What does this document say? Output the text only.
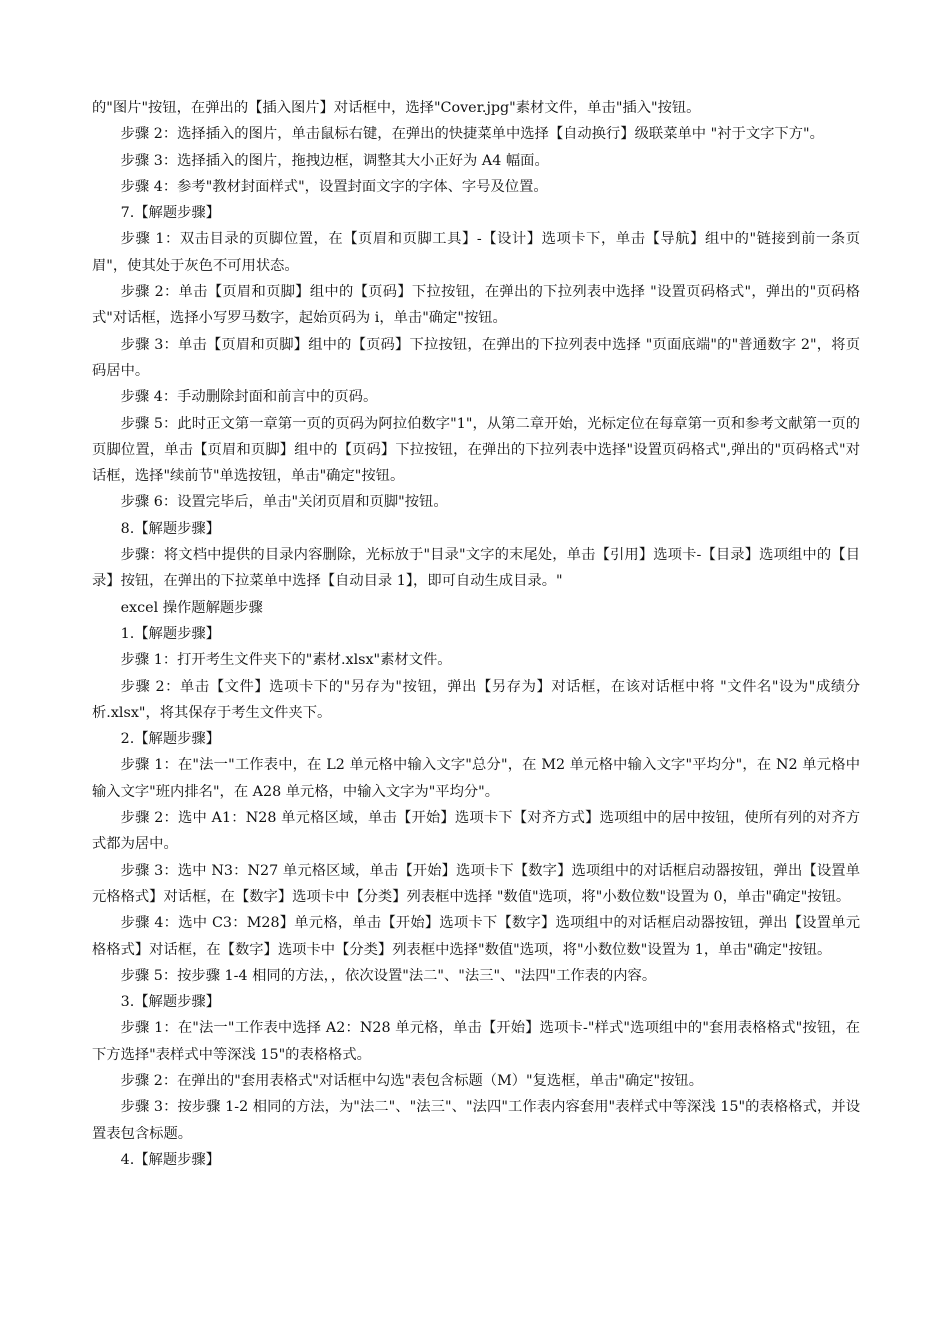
的"图片"按钮，在弹出的【插入图片】对话框中，选择"Cover.jpg"素材文件，单击"插入"按钮。

步骤 2：选择插入的图片，单击鼠标右键，在弹出的快捷菜单中选择【自动换行】级联菜单中 "衬于文字下方"。

步骤 3：选择插入的图片，拖拽边框，调整其大小正好为 A4 幅面。

步骤 4：参考"教材封面样式"，设置封面文字的字体、字号及位置。

7.【解题步骤】

步骤 1：双击目录的页脚位置，在【页眉和页脚工具】-【设计】选项卡下，单击【导航】组中的"链接到前一条页眉"，使其处于灰色不可用状态。

步骤 2：单击【页眉和页脚】组中的【页码】下拉按钮，在弹出的下拉列表中选择 "设置页码格式"，弹出的"页码格式"对话框，选择小写罗马数字，起始页码为 i，单击"确定"按钮。

步骤 3：单击【页眉和页脚】组中的【页码】下拉按钮，在弹出的下拉列表中选择 "页面底端"的"普通数字 2"，将页码居中。

步骤 4：手动删除封面和前言中的页码。

步骤 5：此时正文第一章第一页的页码为阿拉伯数字"1"，从第二章开始，光标定位在每章第一页和参考文献第一页的页脚位置，单击【页眉和页脚】组中的【页码】下拉按钮，在弹出的下拉列表中选择"设置页码格式",弹出的"页码格式"对话框，选择"续前节"单选按钮，单击"确定"按钮。

步骤 6：设置完毕后，单击"关闭页眉和页脚"按钮。

8.【解题步骤】

步骤：将文档中提供的目录内容删除，光标放于"目录"文字的末尾处，单击【引用】选项卡-【目录】选项组中的【目录】按钮，在弹出的下拉菜单中选择【自动目录 1】，即可自动生成目录。"

excel 操作题解题步骤

1.【解题步骤】

步骤 1：打开考生文件夹下的"素材.xlsx"素材文件。

步骤 2：单击【文件】选项卡下的"另存为"按钮，弹出【另存为】对话框，在该对话框中将 "文件名"设为"成绩分析.xlsx"，将其保存于考生文件夹下。

2.【解题步骤】

步骤 1：在"法一"工作表中，在 L2 单元格中输入文字"总分"，在 M2 单元格中输入文字"平均分"，在 N2 单元格中输入文字"班内排名"，在 A28 单元格，中输入文字为"平均分"。

步骤 2：选中 A1：N28 单元格区域，单击【开始】选项卡下【对齐方式】选项组中的居中按钮，使所有列的对齐方式都为居中。

步骤 3：选中 N3：N27 单元格区域，单击【开始】选项卡下【数字】选项组中的对话框启动器按钮，弹出【设置单元格格式】对话框，在【数字】选项卡中【分类】列表框中选择 "数值"选项，将"小数位数"设置为 0，单击"确定"按钮。

步骤 4：选中 C3：M28】单元格，单击【开始】选项卡下【数字】选项组中的对话框启动器按钮，弹出【设置单元格格式】对话框，在【数字】选项卡中【分类】列表框中选择"数值"选项，将"小数位数"设置为 1，单击"确定"按钮。

步骤 5：按步骤 1-4 相同的方法，，依次设置"法二"、"法三"、"法四"工作表的内容。

3.【解题步骤】

步骤 1：在"法一"工作表中选择 A2：N28 单元格，单击【开始】选项卡-"样式"选项组中的"套用表格格式"按钮，在下方选择"表样式中等深浅 15"的表格格式。

步骤 2：在弹出的"套用表格式"对话框中勾选"表包含标题（M）"复选框，单击"确定"按钮。

步骤 3：按步骤 1-2 相同的方法，为"法二"、"法三"、"法四"工作表内容套用"表样式中等深浅 15"的表格格式，并设置表包含标题。

4.【解题步骤】
